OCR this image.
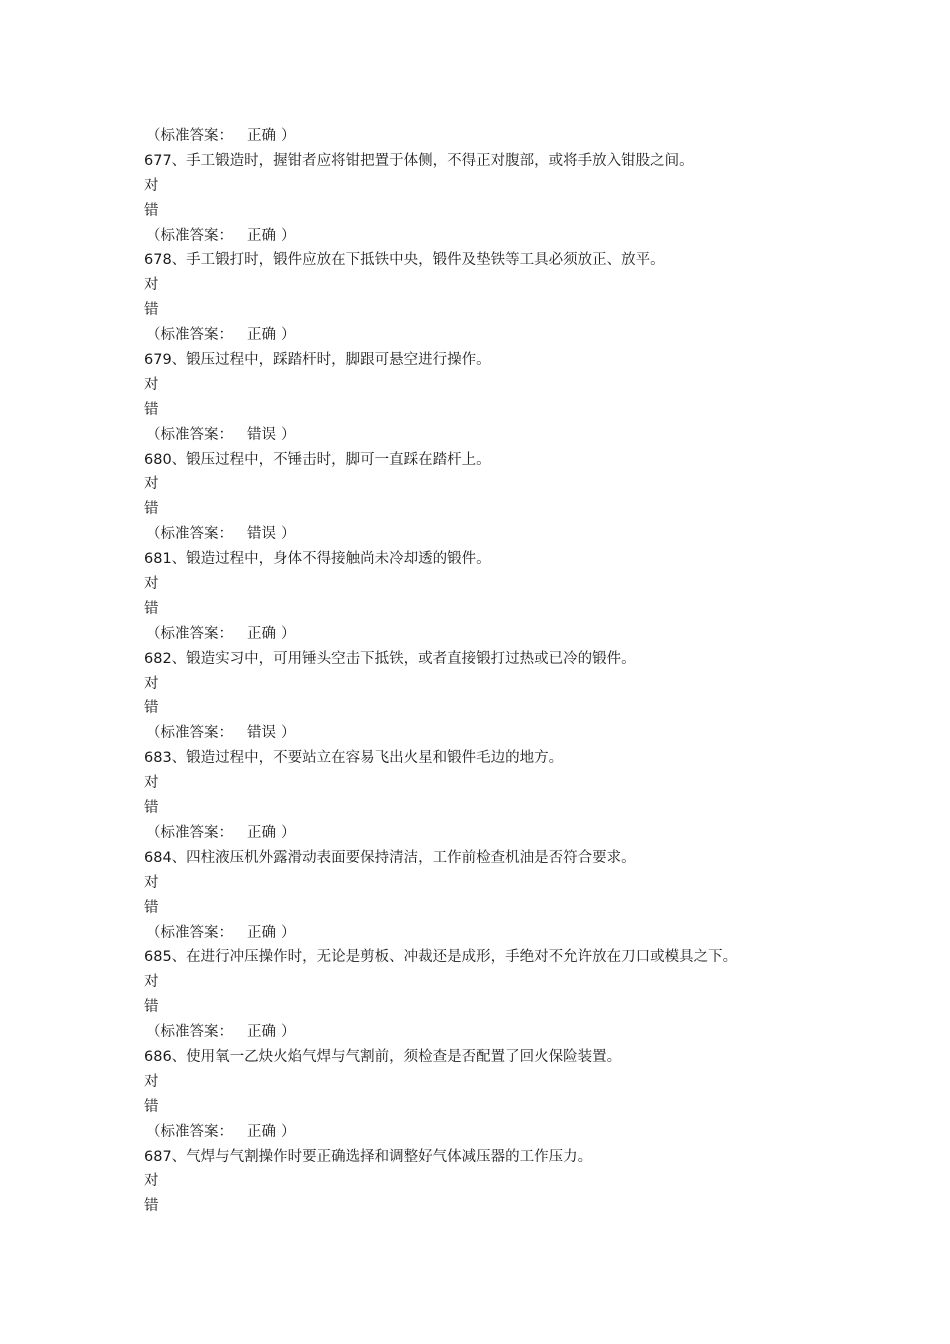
（标准答案： 正确 ）
677、手工锻造时，握钳者应将钳把置于体侧，不得正对腹部，或将手放入钳股之间。
对
错
（标准答案： 正确 ）
678、手工锻打时，锻件应放在下抵铁中央，锻件及垫铁等工具必须放正、放平。
对
错
（标准答案： 正确 ）
679、锻压过程中，踩踏杆时，脚跟可悬空进行操作。
对
错
（标准答案： 错误 ）
680、锻压过程中，不锤击时，脚可一直踩在踏杆上。
对
错
（标准答案： 错误 ）
681、锻造过程中，身体不得接触尚未冷却透的锻件。
对
错
（标准答案： 正确 ）
682、锻造实习中，可用锤头空击下抵铁，或者直接锻打过热或已冷的锻件。
对
错
（标准答案： 错误 ）
683、锻造过程中，不要站立在容易飞出火星和锻件毛边的地方。
对
错
（标准答案： 正确 ）
684、四柱液压机外露滑动表面要保持清洁，工作前检查机油是否符合要求。
对
错
（标准答案： 正确 ）
685、在进行冲压操作时，无论是剪板、冲裁还是成形，手绝对不允许放在刀口或模具之下。
对
错
（标准答案： 正确 ）
686、使用氧一乙炔火焰气焊与气割前，须检查是否配置了回火保险装置。
对
错
（标准答案： 正确 ）
687、气焊与气割操作时要正确选择和调整好气体减压器的工作压力。
对
错
